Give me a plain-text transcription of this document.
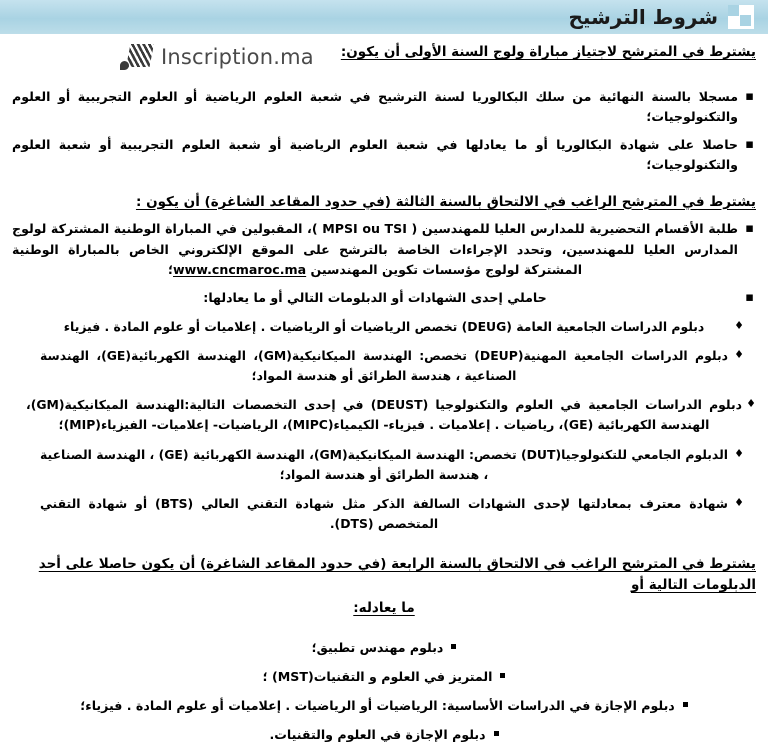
شروط الترشيح
Inscription.ma	يشترط في المترشح لاجتياز مباراة ولوج السنة الأولى أن يكون:
▪ مسجلا بالسنة النهائية من سلك البكالوريا لسنة الترشيح في شعبة العلوم الرياضية أو العلوم التجريبية أو العلوم والتكنولوجيات؛
▪ حاصلا على شهادة البكالوريا أو ما يعادلها في شعبة العلوم الرياضية أو شعبة العلوم التجريبية أو شعبة العلوم والتكنولوجيات؛
يشترط في المترشح الراغب في الالتحاق بالسنة الثالثة (في حدود المقاعد الشاغرة) أن يكون :
▪ طلبة الأقسام التحضيرية للمدارس العليا للمهندسين ( MPSI ou TSI )، المقبولين في المباراة الوطنية المشتركة لولوج المدارس العليا للمهندسين، وتحدد الإجراءات الخاصة بالترشح على الموقع الإلكتروني الخاص بالمباراة الوطنية المشتركة لولوج مؤسسات تكوين المهندسين www.cncmaroc.ma؛
▪ حاملي إحدى الشهادات أو الدبلومات التالي أو ما يعادلها:
♦ دبلوم الدراسات الجامعية العامة (DEUG) تخصص الرياضيات أو الرياضيات . إعلاميات أو علوم المادة . فيزياء
♦ دبلوم الدراسات الجامعية المهنية(DEUP) تخصص: الهندسة الميكانيكية(GM)، الهندسة الكهربائية(GE)، الهندسة الصناعية ، هندسة الطرائق أو هندسة المواد؛
♦ دبلوم الدراسات الجامعية في العلوم والتكنولوجيا (DEUST) في إحدى التخصصات التالية:الهندسة الميكانيكية(GM)، الهندسة الكهربائية (GE)، رياضيات . إعلاميات . فيزياء- الكيمياء(MIPC)، الرياضيات- إعلاميات- الفيزياء(MIP)؛
♦ الدبلوم الجامعي للتكنولوجيا(DUT) تخصص: الهندسة الميكانيكية(GM)، الهندسة الكهربائية (GE) ، الهندسة الصناعية ، هندسة الطرائق أو هندسة المواد؛
♦ شهادة معترف بمعادلتها لإحدى الشهادات السالفة الذكر مثل شهادة التقني العالي (BTS) أو شهادة التقني المتخصص (DTS).
يشترط في المترشح الراغب في الالتحاق بالسنة الرابعة (في حدود المقاعد الشاغرة) أن يكون حاصلا على أحد الدبلومات التالية أو
ما يعادله:
دبلوم مهندس تطبيق؛
المتريز في العلوم و التقنيات(MST) ؛
دبلوم الإجازة في الدراسات الأساسية: الرياضيات أو الرياضيات . إعلاميات أو علوم المادة . فيزياء؛
دبلوم الإجازة في العلوم والتقنيات.
